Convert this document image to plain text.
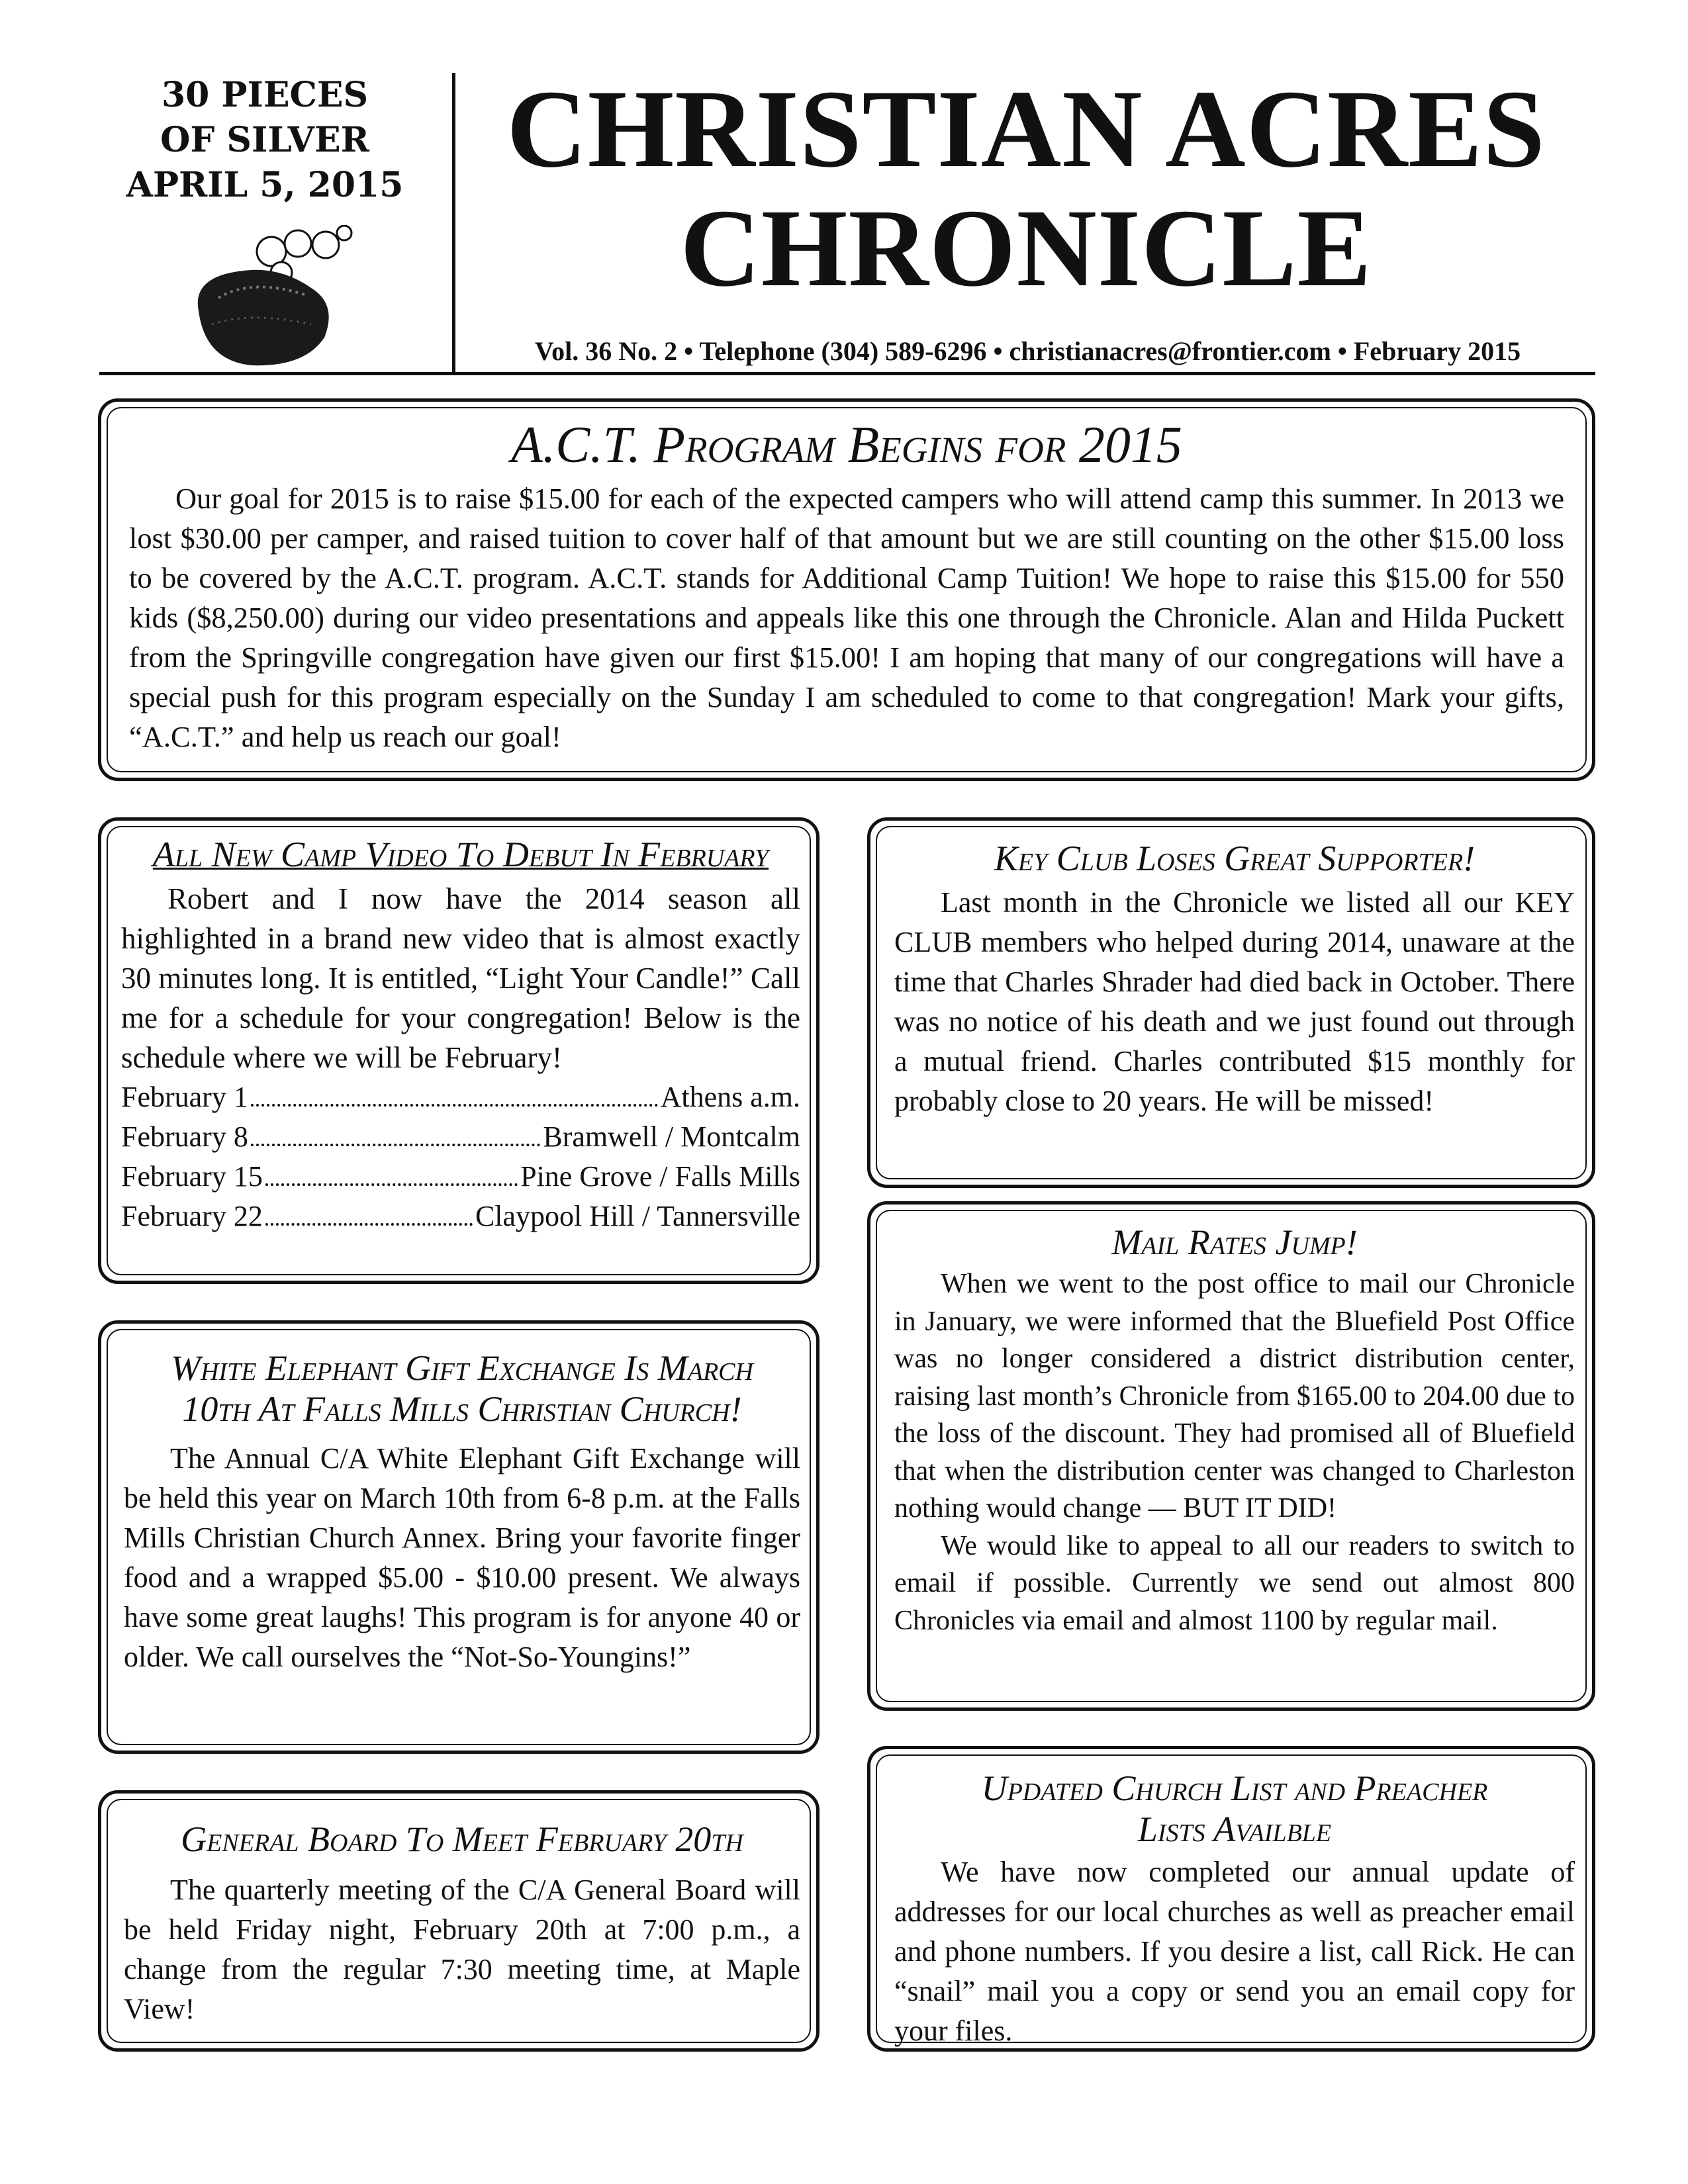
30 PIECES
OF SILVER
APRIL 5, 2015 CHRISTIAN ACRES
CHRONICLE
Vol. 36 No. 2 • Telephone (304) 589-6296 • christianacres@frontier.com • February 2015
A.C.T. Program Begins for 2015

Our goal for 2015 is to raise $15.00 for each of the expected campers who will attend camp this summer. In 2013 we lost $30.00 per camper, and raised tuition to cover half of that amount but we are still counting on the other $15.00 loss to be covered by the A.C.T. program. A.C.T. stands for Additional Camp Tuition! We hope to raise this $15.00 for 550 kids ($8,250.00) during our video presentations and appeals like this one through the Chronicle. Alan and Hilda Puckett from the Springville congregation have given our first $15.00! I am hoping that many of our congregations will have a special push for this program especially on the Sunday I am scheduled to come to that congregation! Mark your gifts, “A.C.T.” and help us reach our goal!

All New Camp Video To Debut In February

Robert and I now have the 2014 season all highlighted in a brand new video that is almost exactly 30 minutes long. It is entitled, “Light Your Candle!” Call me for a schedule for your congregation! Below is the schedule where we will be February!

February 1	Athens a.m.
February 8	Bramwell / Montcalm
February 15	Pine Grove / Falls Mills
February 22	Claypool Hill / Tannersville
Key Club Loses Great Supporter!

Last month in the Chronicle we listed all our KEY CLUB members who helped during 2014, unaware at the time that Charles Shrader had died back in October. There was no notice of his death and we just found out through a mutual friend. Charles contributed $15 monthly for probably close to 20 years. He will be missed!

Mail Rates Jump!

When we went to the post office to mail our Chronicle in January, we were informed that the Bluefield Post Office was no longer considered a district distribution center, raising last month’s Chronicle from $165.00 to 204.00 due to the loss of the discount. They had promised all of Bluefield that when the distribution center was changed to Charleston nothing would change — BUT IT DID!

We would like to appeal to all our readers to switch to email if possible. Currently we send out almost 800 Chronicles via email and almost 1100 by regular mail.

White Elephant Gift Exchange Is March
10th At Falls Mills Christian Church!

The Annual C/A White Elephant Gift Exchange will be held this year on March 10th from 6-8 p.m. at the Falls Mills Christian Church Annex. Bring your favorite finger food and a wrapped $5.00 - $10.00 present. We always have some great laughs! This program is for anyone 40 or older. We call ourselves the “Not-So-Youngins!”

General Board To Meet February 20th

The quarterly meeting of the C/A General Board will be held Friday night, February 20th at 7:00 p.m., a change from the regular 7:30 meeting time, at Maple View!

Updated Church List and Preacher
Lists Availble

We have now completed our annual update of addresses for our local churches as well as preacher email and phone numbers. If you desire a list, call Rick. He can “snail” mail you a copy or send you an email copy for your files.
